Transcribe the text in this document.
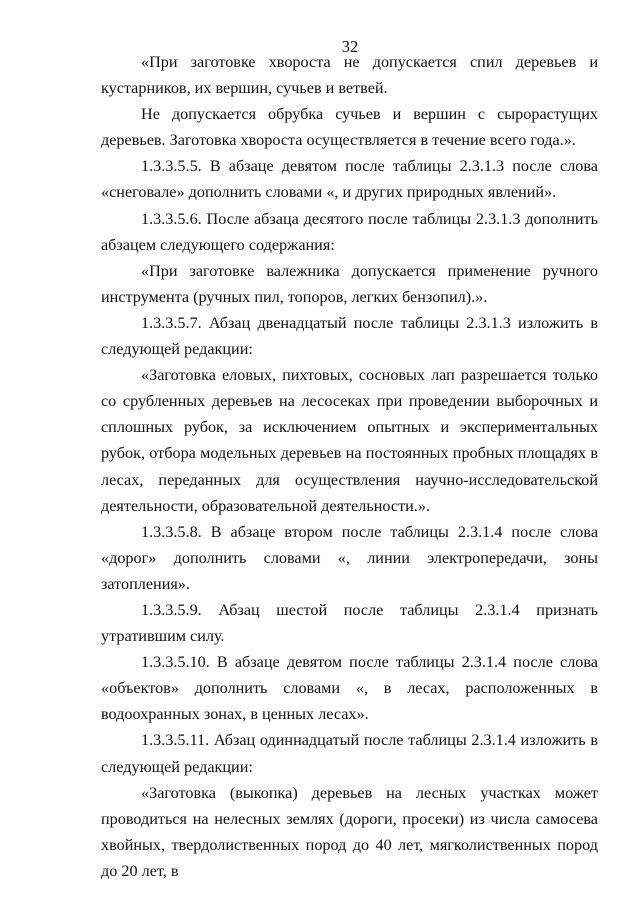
32

«При заготовке хвороста не допускается спил деревьев и кустарников, их вершин, сучьев и ветвей.

Не допускается обрубка сучьев и вершин с сырорастущих деревьев. Заготовка хвороста осуществляется в течение всего года.».

1.3.3.5.5. В абзаце девятом после таблицы 2.3.1.3 после слова «снеговале» дополнить словами «, и других природных явлений».

1.3.3.5.6. После абзаца десятого после таблицы 2.3.1.3 дополнить абзацем следующего содержания:

«При заготовке валежника допускается применение ручного инструмента (ручных пил, топоров, легких бензопил).».

1.3.3.5.7. Абзац двенадцатый после таблицы 2.3.1.3 изложить в следующей редакции:

«Заготовка еловых, пихтовых, сосновых лап разрешается только со срубленных деревьев на лесосеках при проведении выборочных и сплошных рубок, за исключением опытных и экспериментальных рубок, отбора модельных деревьев на постоянных пробных площадях в лесах, переданных для осуществления научно-исследовательской деятельности, образовательной деятельности.».

1.3.3.5.8. В абзаце втором после таблицы 2.3.1.4 после слова «дорог» дополнить словами «, линии электропередачи, зоны затопления».

1.3.3.5.9. Абзац шестой после таблицы 2.3.1.4 признать утратившим силу.

1.3.3.5.10. В абзаце девятом после таблицы 2.3.1.4 после слова «объектов» дополнить словами «, в лесах, расположенных в водоохранных зонах, в ценных лесах».

1.3.3.5.11. Абзац одиннадцатый после таблицы 2.3.1.4 изложить в следующей редакции:

«Заготовка (выкопка) деревьев на лесных участках может проводиться на нелесных землях (дороги, просеки) из числа самосева хвойных, твердолиственных пород до 40 лет, мягколиственных пород до 20 лет, в
